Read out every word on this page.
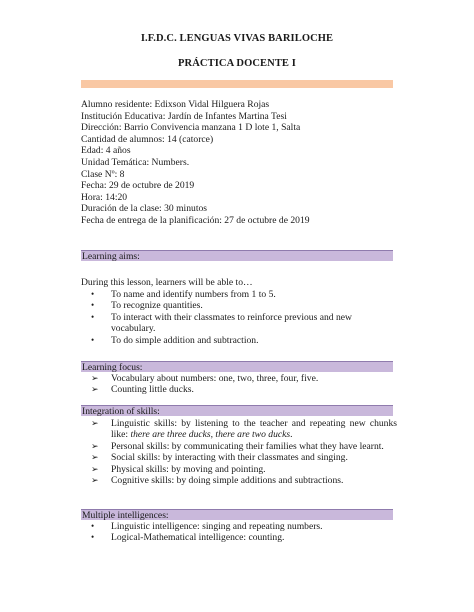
I.F.D.C. LENGUAS VIVAS BARILOCHE
PRÁCTICA DOCENTE I
Alumno residente: Edixson Vidal Hilguera Rojas
Institución Educativa: Jardín de Infantes Martina Tesi
Dirección: Barrio Convivencia manzana 1 D lote 1, Salta
Cantidad de alumnos: 14 (catorce)
Edad: 4 años
Unidad Temática: Numbers.
Clase Nº: 8
Fecha: 29 de octubre de 2019
Hora: 14:20
Duración de la clase: 30 minutos
Fecha de entrega de la planificación: 27 de octubre de 2019
Learning aims:
During this lesson, learners will be able to…
•	To name and identify numbers from 1 to 5.
•	To recognize quantities.
•	To interact with their classmates to reinforce previous and new vocabulary.
•	To do simple addition and subtraction.
Learning focus:
➢	Vocabulary about numbers: one, two, three, four, five.
➢	Counting little ducks.
Integration of skills:
➢	Linguistic skills: by listening to the teacher and repeating new chunks like: there are three ducks, there are two ducks.
➢	Personal skills: by communicating their families what they have learnt.
➢	Social skills: by interacting with their classmates and singing.
➢	Physical skills: by moving and pointing.
➢	Cognitive skills: by doing simple additions and subtractions.
Multiple intelligences:
•	Linguistic intelligence: singing and repeating numbers.
•	Logical-Mathematical intelligence: counting.
